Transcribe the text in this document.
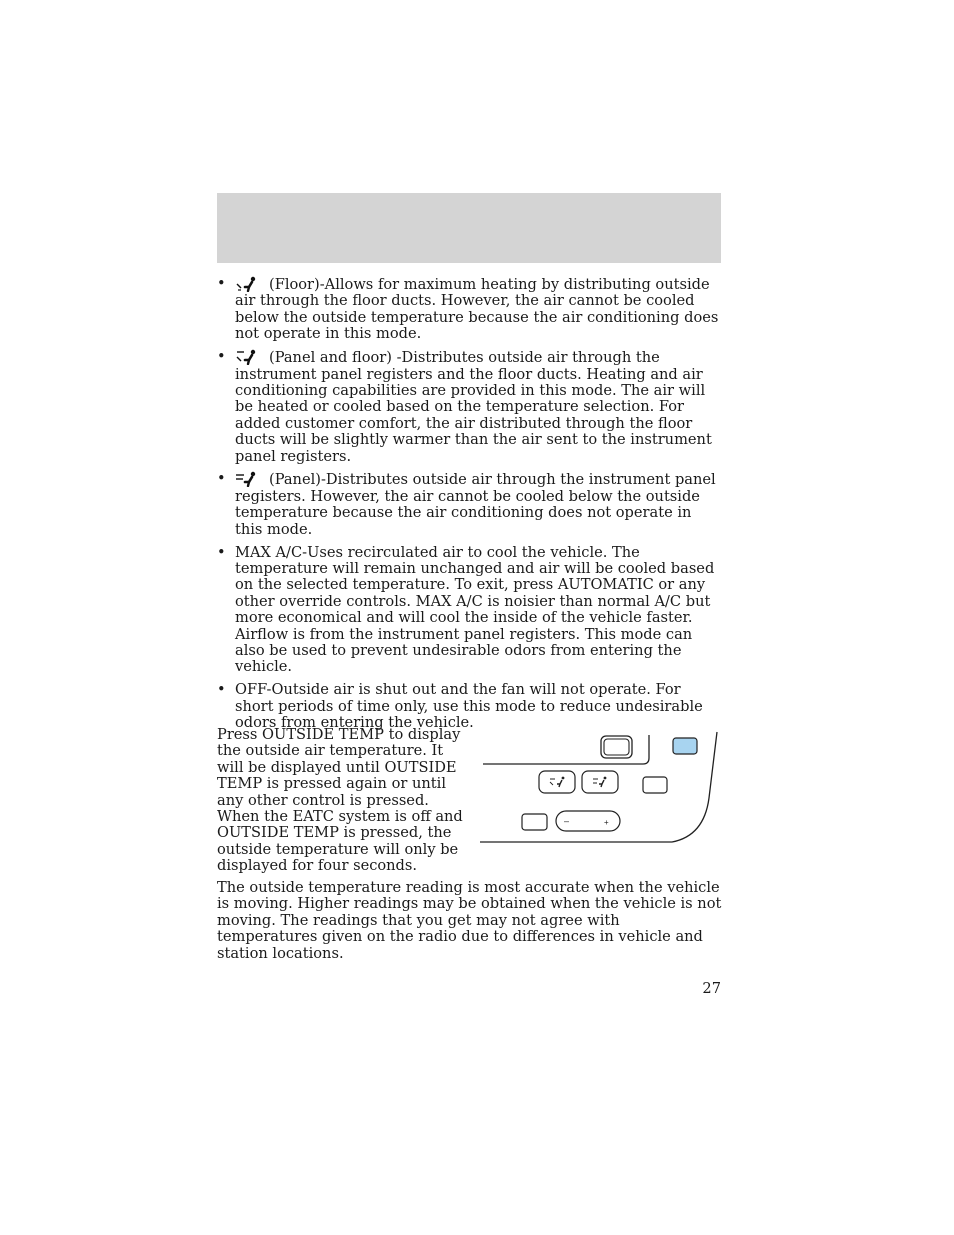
•	(Floor)-Allows for maximum heating by distributing outside air through the floor ducts. However, the air cannot be cooled below the outside temperature because the air conditioning does not operate in this mode.
•	(Panel and floor) -Distributes outside air through the instrument panel registers and the floor ducts. Heating and air conditioning capabilities are provided in this mode. The air will be heated or cooled based on the temperature selection. For added customer comfort, the air distributed through the floor ducts will be slightly warmer than the air sent to the instrument panel registers.
•	(Panel)-Distributes outside air through the instrument panel registers. However, the air cannot be cooled below the outside temperature because the air conditioning does not operate in this mode.
• MAX A/C-Uses recirculated air to cool the vehicle. The temperature will remain unchanged and air will be cooled based on the selected temperature. To exit, press AUTOMATIC or any other override controls. MAX A/C is noisier than normal A/C but more economical and will cool the inside of the vehicle faster. Airflow is from the instrument panel registers. This mode can also be used to prevent undesirable odors from entering the vehicle.
• OFF-Outside air is shut out and the fan will not operate. For short periods of time only, use this mode to reduce undesirable odors from entering the vehicle.

Press OUTSIDE TEMP to display the outside air temperature. It will be displayed until OUTSIDE TEMP is pressed again or until any other control is pressed. When the EATC system is off and OUTSIDE TEMP is pressed, the outside temperature will only be displayed for four seconds.

–	+

The outside temperature reading is most accurate when the vehicle is moving. Higher readings may be obtained when the vehicle is not moving. The readings that you get may not agree with temperatures given on the radio due to differences in vehicle and station locations.

27
